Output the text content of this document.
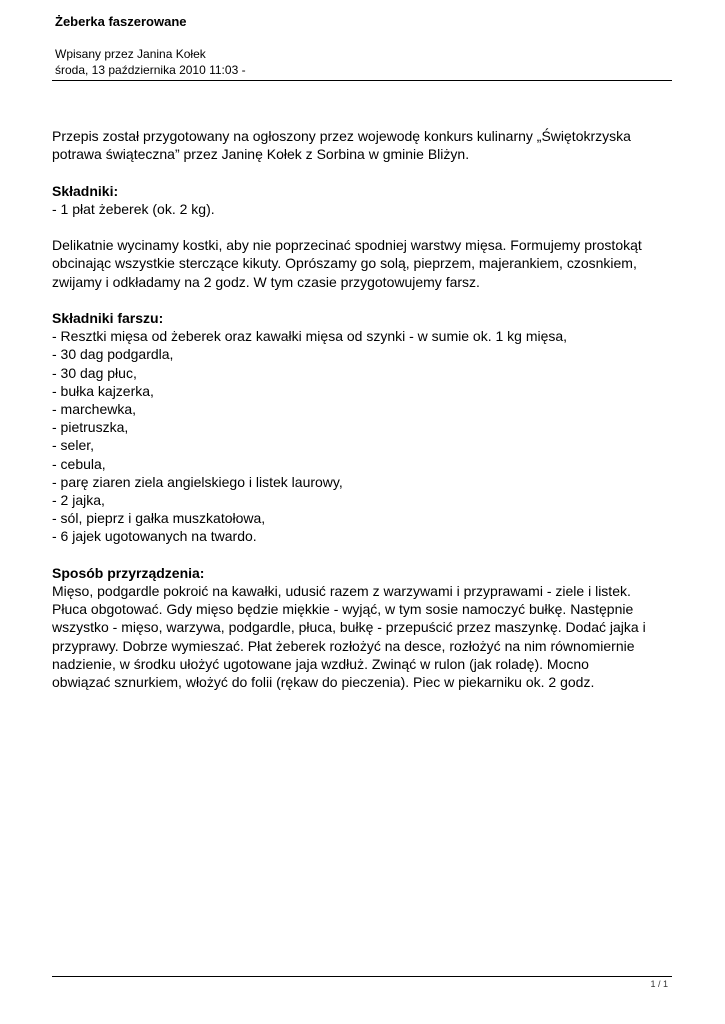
Żeberka faszerowane
Wpisany przez Janina Kołek
środa, 13 października 2010 11:03 -

Przepis został przygotowany na ogłoszony przez wojewodę konkurs kulinarny „Świętokrzyska

potrawa świąteczna” przez Janinę Kołek z Sorbina w gminie Bliżyn.

Składniki:

- 1 płat żeberek (ok. 2 kg).

Delikatnie wycinamy kostki, aby nie poprzecinać spodniej warstwy mięsa. Formujemy prostokąt

obcinając wszystkie sterczące kikuty. Oprószamy go solą, pieprzem, majerankiem, czosnkiem,

zwijamy i odkładamy na 2 godz. W tym czasie przygotowujemy farsz.

Składniki farszu:

- Resztki mięsa od żeberek oraz kawałki mięsa od szynki - w sumie ok. 1 kg mięsa,

- 30 dag podgardla,

- 30 dag płuc,

- bułka kajzerka,

- marchewka,

- pietruszka,

- seler,

- cebula,

- parę ziaren ziela angielskiego i listek laurowy,

- 2 jajka,

- sól, pieprz i gałka muszkatołowa,

- 6 jajek ugotowanych na twardo.

Sposób przyrządzenia:

Mięso, podgardle pokroić na kawałki, udusić razem z warzywami i przyprawami - ziele i listek.

Płuca obgotować. Gdy mięso będzie miękkie - wyjąć, w tym sosie namoczyć bułkę. Następnie

wszystko - mięso, warzywa, podgardle, płuca, bułkę - przepuścić przez maszynkę. Dodać jajka i

przyprawy. Dobrze wymieszać. Płat żeberek rozłożyć na desce, rozłożyć na nim równomiernie

nadzienie, w środku ułożyć ugotowane jaja wzdłuż. Zwinąć w rulon (jak roladę). Mocno

obwiązać sznurkiem, włożyć do folii (rękaw do pieczenia). Piec w piekarniku ok. 2 godz.

1 / 1
